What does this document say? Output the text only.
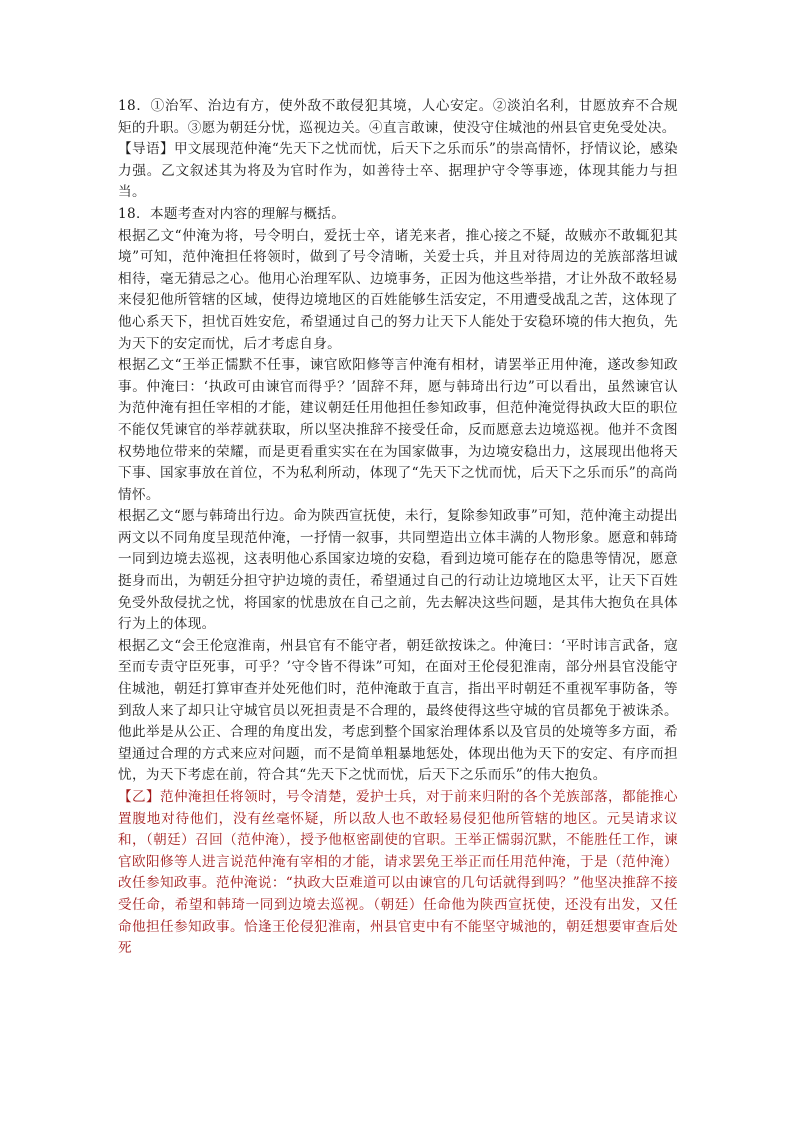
18．①治军、治边有方，使外敌不敢侵犯其境，人心安定。②淡泊名利，甘愿放弃不合规矩的升职。③愿为朝廷分忧，巡视边关。④直言敢谏，使没守住城池的州县官吏免受处决。

【导语】甲文展现范仲淹“先天下之忧而忧，后天下之乐而乐”的崇高情怀，抒情议论，感染力强。乙文叙述其为将及为官时作为，如善待士卒、据理护守令等事迹，体现其能力与担当。

18．本题考查对内容的理解与概括。

根据乙文“仲淹为将，号令明白，爱抚士卒，诸羌来者，推心接之不疑，故贼亦不敢辄犯其境”可知，范仲淹担任将领时，做到了号令清晰，关爱士兵，并且对待周边的羌族部落坦诚相待，毫无猜忌之心。他用心治理军队、边境事务，正因为他这些举措，才让外敌不敢轻易来侵犯他所管辖的区域，使得边境地区的百姓能够生活安定，不用遭受战乱之苦，这体现了他心系天下，担忧百姓安危，希望通过自己的努力让天下人能处于安稳环境的伟大抱负，先为天下的安定而忧，后才考虑自身。

根据乙文“王举正懦默不任事，谏官欧阳修等言仲淹有相材，请罢举正用仲淹，遂改参知政事。仲淹曰：‘执政可由谏官而得乎？’固辞不拜，愿与韩琦出行边”可以看出，虽然谏官认为范仲淹有担任宰相的才能，建议朝廷任用他担任参知政事，但范仲淹觉得执政大臣的职位不能仅凭谏官的举荐就获取，所以坚决推辞不接受任命，反而愿意去边境巡视。他并不贪图权势地位带来的荣耀，而是更看重实实在在为国家做事，为边境安稳出力，这展现出他将天下事、国家事放在首位，不为私利所动，体现了“先天下之忧而忧，后天下之乐而乐”的高尚情怀。

根据乙文“愿与韩琦出行边。命为陕西宣抚使，未行，复除参知政事”可知，范仲淹主动提出两文以不同角度呈现范仲淹，一抒情一叙事，共同塑造出立体丰满的人物形象。愿意和韩琦一同到边境去巡视，这表明他心系国家边境的安稳，看到边境可能存在的隐患等情况，愿意挺身而出，为朝廷分担守护边境的责任，希望通过自己的行动让边境地区太平，让天下百姓免受外敌侵扰之忧，将国家的忧患放在自己之前，先去解决这些问题，是其伟大抱负在具体行为上的体现。

根据乙文“会王伦寇淮南，州县官有不能守者，朝廷欲按诛之。仲淹曰：‘平时讳言武备，寇至而专责守臣死事，可乎？’守令皆不得诛”可知，在面对王伦侵犯淮南，部分州县官没能守住城池，朝廷打算审查并处死他们时，范仲淹敢于直言，指出平时朝廷不重视军事防备，等到敌人来了却只让守城官员以死担责是不合理的，最终使得这些守城的官员都免于被诛杀。他此举是从公正、合理的角度出发，考虑到整个国家治理体系以及官员的处境等多方面，希望通过合理的方式来应对问题，而不是简单粗暴地惩处，体现出他为天下的安定、有序而担忧，为天下考虑在前，符合其“先天下之忧而忧，后天下之乐而乐”的伟大抱负。

【乙】范仲淹担任将领时，号令清楚，爱护士兵，对于前来归附的各个羌族部落，都能推心置腹地对待他们，没有丝毫怀疑，所以敌人也不敢轻易侵犯他所管辖的地区。元昊请求议和，（朝廷）召回（范仲淹），授予他枢密副使的官职。王举正懦弱沉默，不能胜任工作，谏官欧阳修等人进言说范仲淹有宰相的才能，请求罢免王举正而任用范仲淹，于是（范仲淹）改任参知政事。范仲淹说：“执政大臣难道可以由谏官的几句话就得到吗？”他坚决推辞不接受任命，希望和韩琦一同到边境去巡视。（朝廷）任命他为陕西宣抚使，还没有出发，又任命他担任参知政事。恰逢王伦侵犯淮南，州县官吏中有不能坚守城池的，朝廷想要审查后处死
